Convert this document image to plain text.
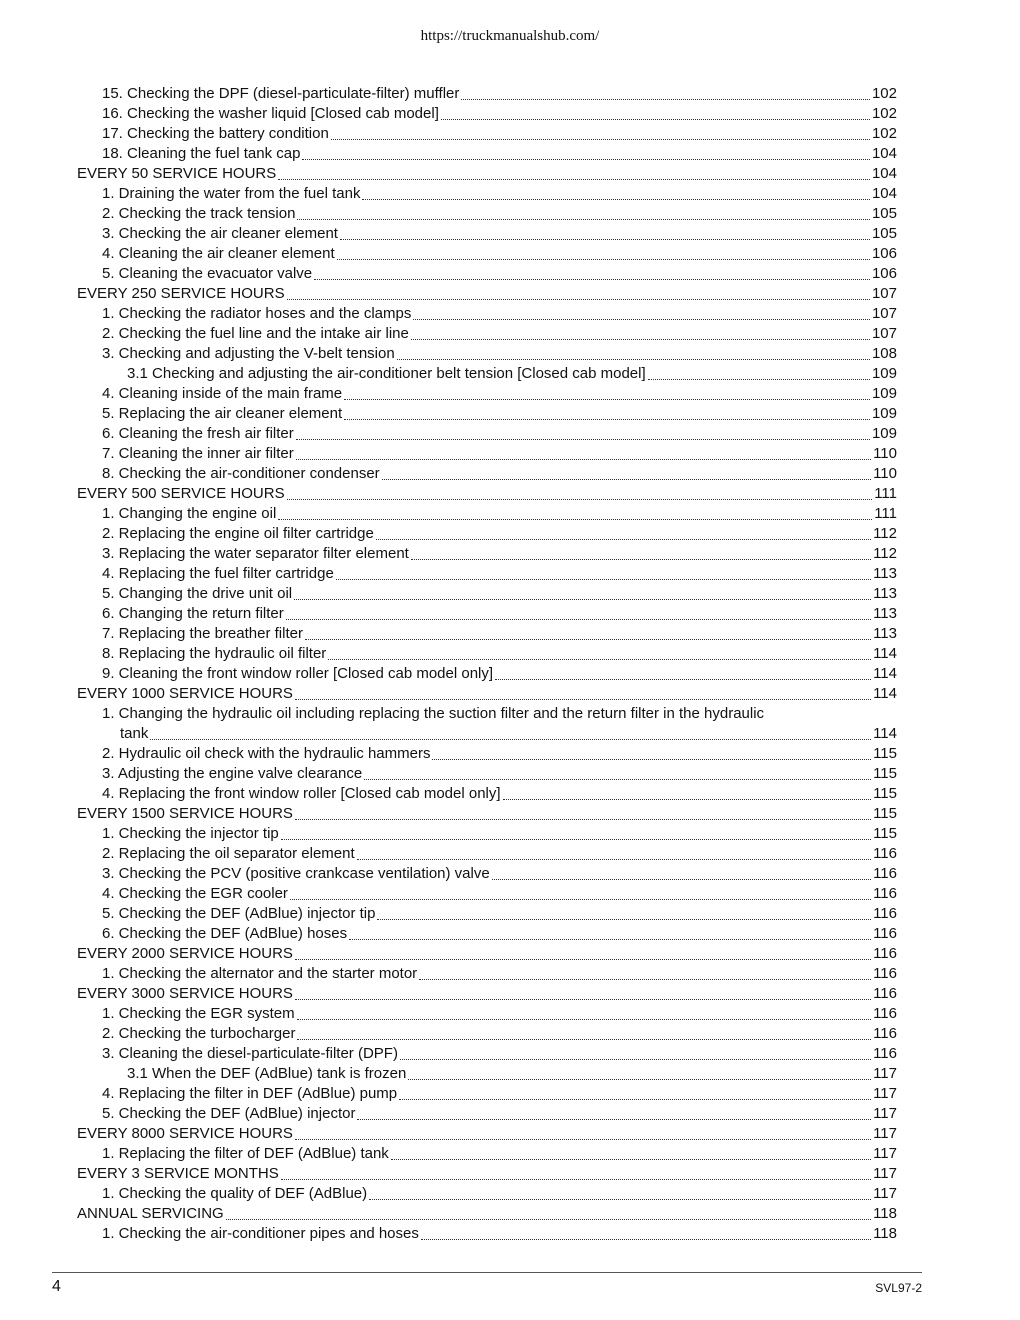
https://truckmanualshub.com/
15. Checking the DPF (diesel-particulate-filter) muffler	102
16. Checking the washer liquid [Closed cab model]	102
17. Checking the battery condition	102
18. Cleaning the fuel tank cap	104
EVERY 50 SERVICE HOURS	104
1. Draining the water from the fuel tank	104
2. Checking the track tension	105
3. Checking the air cleaner element	105
4. Cleaning the air cleaner element	106
5. Cleaning the evacuator valve	106
EVERY 250 SERVICE HOURS	107
1. Checking the radiator hoses and the clamps	107
2. Checking the fuel line and the intake air line	107
3. Checking and adjusting the V-belt tension	108
3.1 Checking and adjusting the air-conditioner belt tension [Closed cab model]	109
4. Cleaning inside of the main frame	109
5. Replacing the air cleaner element	109
6. Cleaning the fresh air filter	109
7. Cleaning the inner air filter	110
8. Checking the air-conditioner condenser	110
EVERY 500 SERVICE HOURS	111
1. Changing the engine oil	111
2. Replacing the engine oil filter cartridge	112
3. Replacing the water separator filter element	112
4. Replacing the fuel filter cartridge	113
5. Changing the drive unit oil	113
6. Changing the return filter	113
7. Replacing the breather filter	113
8. Replacing the hydraulic oil filter	114
9. Cleaning the front window roller [Closed cab model only]	114
EVERY 1000 SERVICE HOURS	114
1. Changing the hydraulic oil including replacing the suction filter and the return filter in the hydraulic
tank	114
2. Hydraulic oil check with the hydraulic hammers	115
3. Adjusting the engine valve clearance	115
4. Replacing the front window roller [Closed cab model only]	115
EVERY 1500 SERVICE HOURS	115
1. Checking the injector tip	115
2. Replacing the oil separator element	116
3. Checking the PCV (positive crankcase ventilation) valve	116
4. Checking the EGR cooler	116
5. Checking the DEF (AdBlue) injector tip	116
6. Checking the DEF (AdBlue) hoses	116
EVERY 2000 SERVICE HOURS	116
1. Checking the alternator and the starter motor	116
EVERY 3000 SERVICE HOURS	116
1. Checking the EGR system	116
2. Checking the turbocharger	116
3. Cleaning the diesel-particulate-filter (DPF)	116
3.1 When the DEF (AdBlue) tank is frozen	117
4. Replacing the filter in DEF (AdBlue) pump	117
5. Checking the DEF (AdBlue) injector	117
EVERY 8000 SERVICE HOURS	117
1. Replacing the filter of DEF (AdBlue) tank	117
EVERY 3 SERVICE MONTHS	117
1. Checking the quality of DEF (AdBlue)	117
ANNUAL SERVICING	118
1. Checking the air-conditioner pipes and hoses	118
4	SVL97-2
